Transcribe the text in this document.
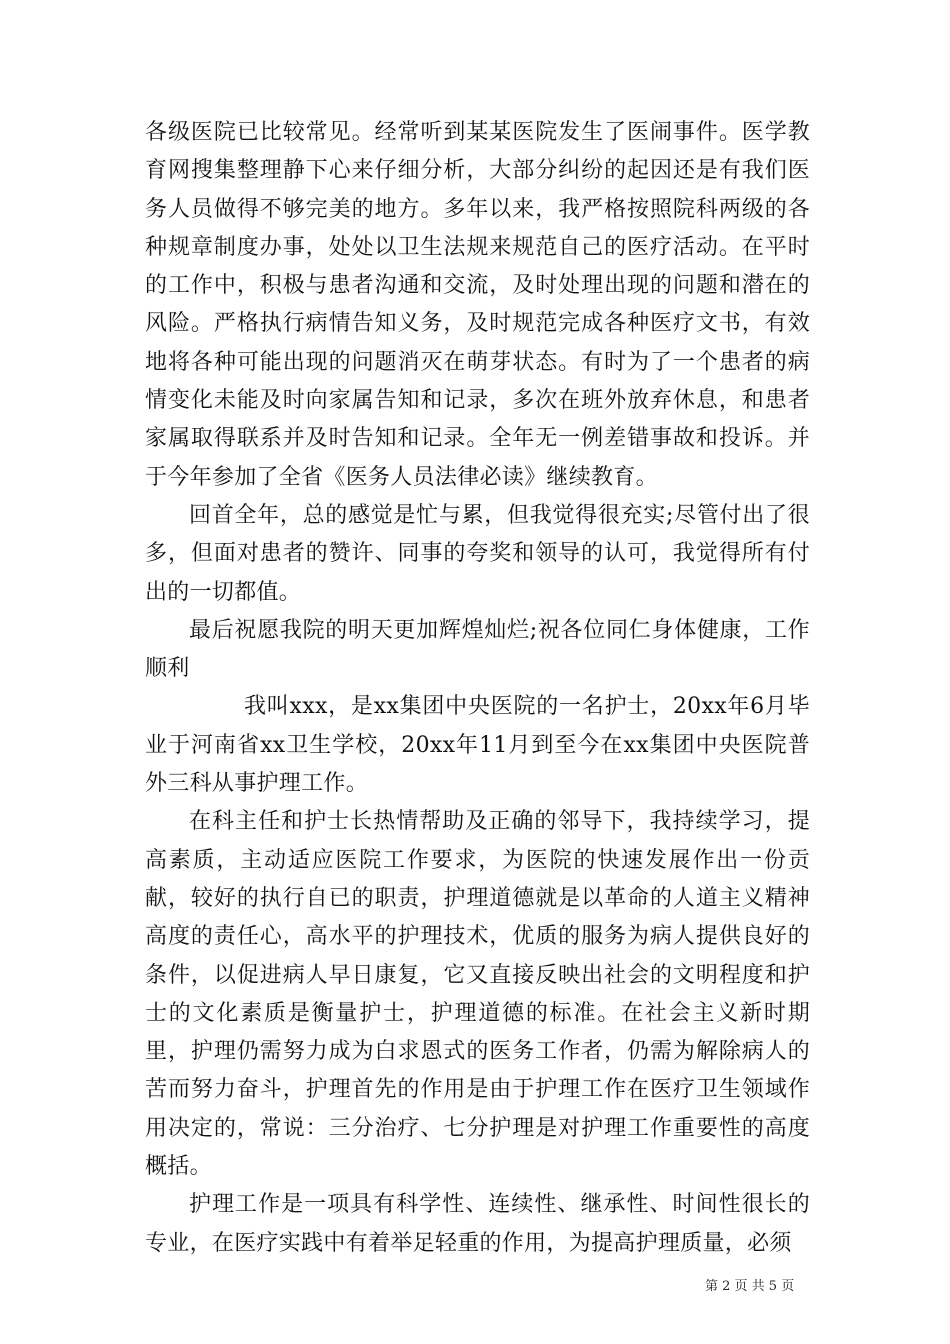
各级医院已比较常见。经常听到某某医院发生了医闹事件。医学教育网搜集整理静下心来仔细分析，大部分纠纷的起因还是有我们医务人员做得不够完美的地方。多年以来，我严格按照院科两级的各种规章制度办事，处处以卫生法规来规范自己的医疗活动。在平时的工作中，积极与患者沟通和交流，及时处理出现的问题和潜在的风险。严格执行病情告知义务，及时规范完成各种医疗文书，有效地将各种可能出现的问题消灭在萌芽状态。有时为了一个患者的病情变化未能及时向家属告知和记录，多次在班外放弃休息，和患者家属取得联系并及时告知和记录。全年无一例差错事故和投诉。并于今年参加了全省《医务人员法律必读》继续教育。

回首全年，总的感觉是忙与累，但我觉得很充实;尽管付出了很多，但面对患者的赞许、同事的夸奖和领导的认可，我觉得所有付出的一切都值。

最后祝愿我院的明天更加辉煌灿烂;祝各位同仁身体健康，工作顺利

我叫xxx，是xx集团中央医院的一名护士，20xx年6月毕业于河南省xx卫生学校，20xx年11月到至今在xx集团中央医院普外三科从事护理工作。

在科主任和护士长热情帮助及正确的邻导下，我持续学习，提高素质，主动适应医院工作要求，为医院的快速发展作出一份贡献，较好的执行自已的职责，护理道德就是以革命的人道主义精神高度的责任心，高水平的护理技术，优质的服务为病人提供良好的条件，以促进病人早日康复，它又直接反映出社会的文明程度和护士的文化素质是衡量护士，护理道德的标准。在社会主义新时期里，护理仍需努力成为白求恩式的医务工作者，仍需为解除病人的苦而努力奋斗，护理首先的作用是由于护理工作在医疗卫生领域作用决定的，常说：三分治疗、七分护理是对护理工作重要性的高度概括。

护理工作是一项具有科学性、连续性、继承性、时间性很长的专业，在医疗实践中有着举足轻重的作用，为提高护理质量，必须

第 2 页 共 5 页
